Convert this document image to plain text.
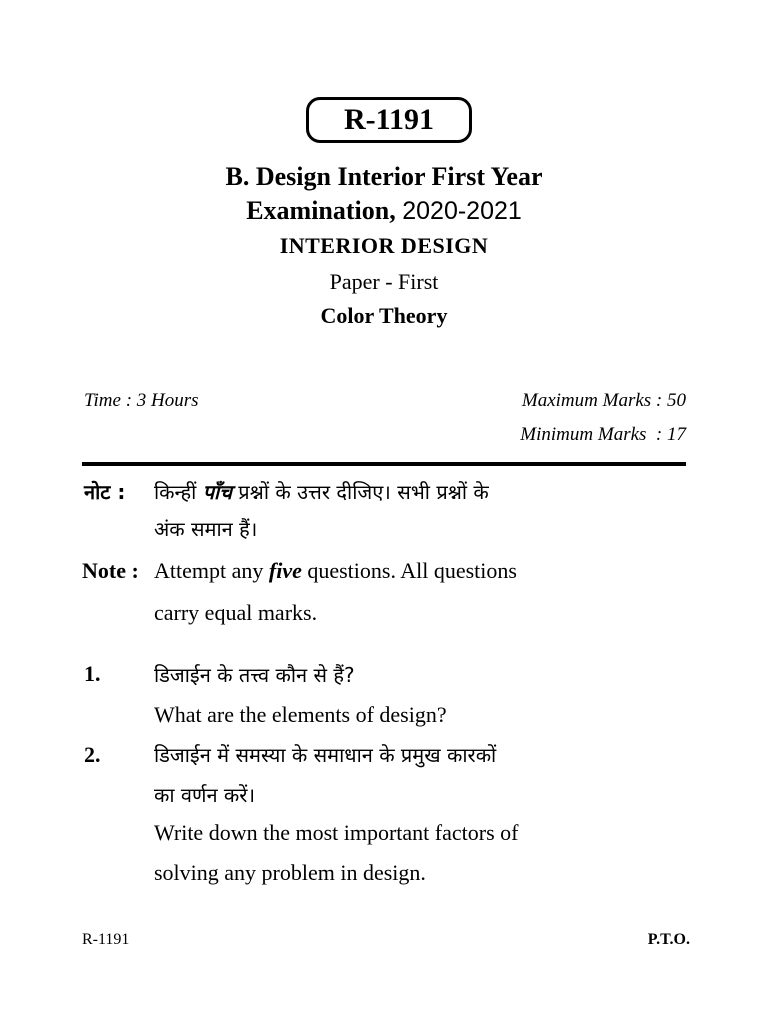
R-1191
B. Design Interior First Year
Examination, 2020-2021
INTERIOR DESIGN
Paper - First
Color Theory
Time : 3 Hours	Maximum Marks : 50
Minimum Marks  : 17
नोट : किन्हीं पाँच प्रश्नों के उत्तर दीजिए। सभी प्रश्नों के
अंक समान हैं।
Note : Attempt any five questions. All questions
carry equal marks.
1.	डिजाईन के तत्त्व कौन से हैं?
What are the elements of design?
2.	डिजाईन में समस्या के समाधान के प्रमुख कारकों
का वर्णन करें।
Write down the most important factors of
solving any problem in design.
R-1191	P.T.O.
